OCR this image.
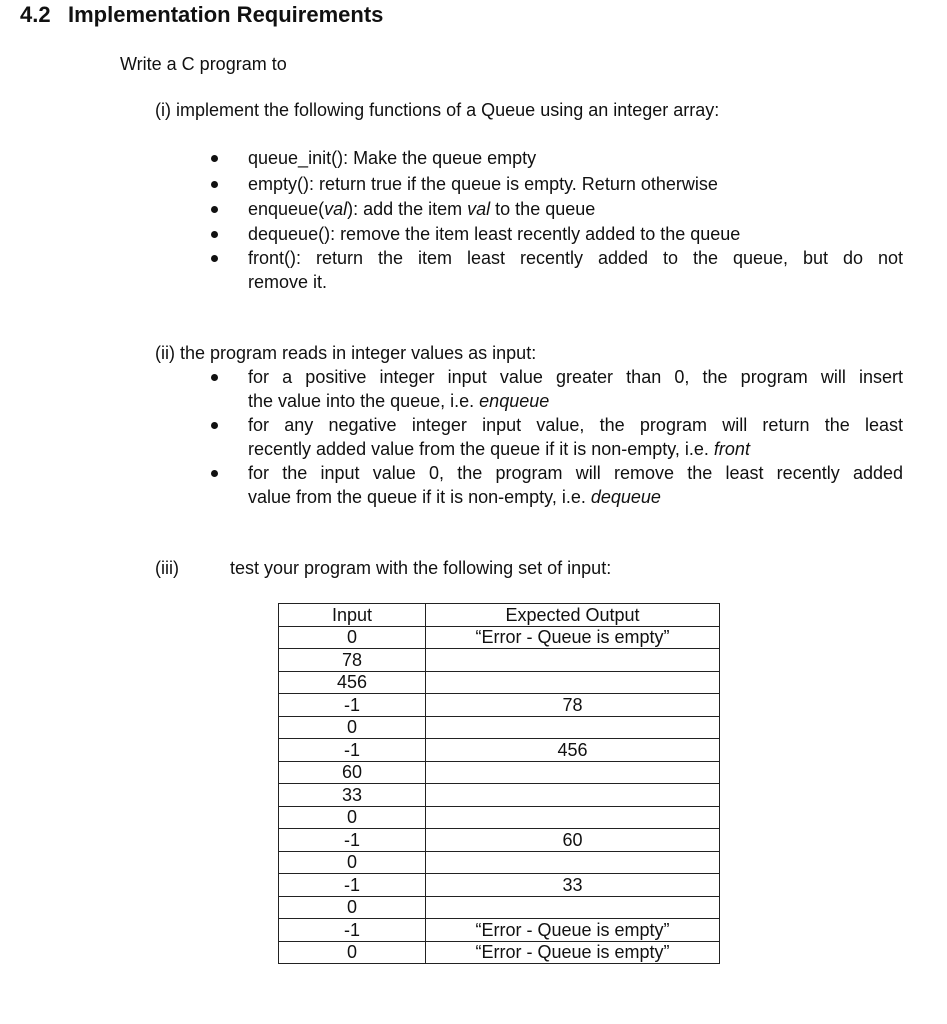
4.2 Implementation Requirements
Write a C program to
(i) implement the following functions of a Queue using an integer array:
queue_init(): Make the queue empty
empty(): return true if the queue is empty. Return otherwise
enqueue(val): add the item val to the queue
dequeue(): remove the item least recently added to the queue
front(): return the item least recently added to the queue, but do not
remove it.
(ii) the program reads in integer values as input:
for a positive integer input value greater than 0, the program will insert
the value into the queue, i.e. enqueue
for any negative integer input value, the program will return the least
recently added value from the queue if it is non-empty, i.e. front
for the input value 0, the program will remove the least recently added
value from the queue if it is non-empty, i.e. dequeue
(iii)	test your program with the following set of input:
Input	Expected Output
0	“Error - Queue is empty”
78	
456	
-1	78
0	
-1	456
60	
33	
0	
-1	60
0	
-1	33
0	
-1	“Error - Queue is empty”
0	“Error - Queue is empty”
